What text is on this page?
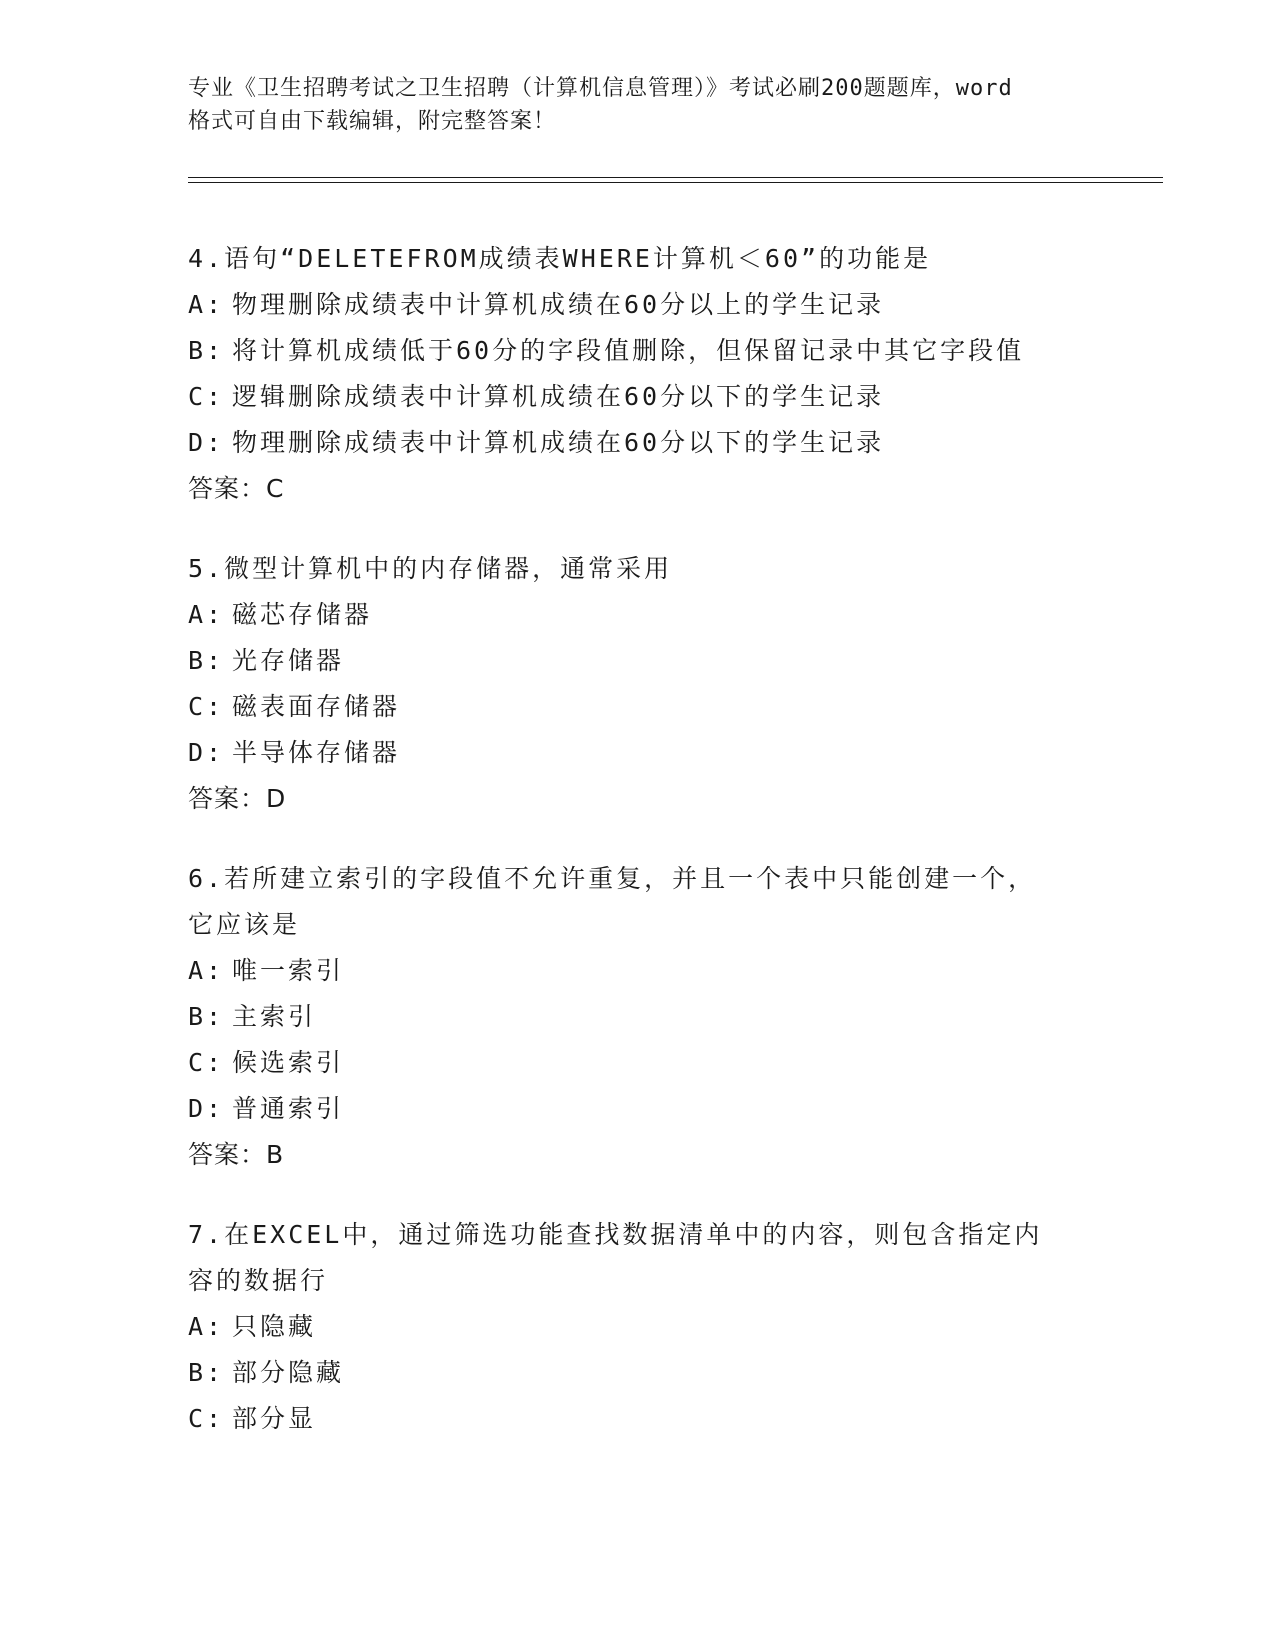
专业《卫生招聘考试之卫生招聘（计算机信息管理）》考试必刷200题题库，word
格式可自由下载编辑，附完整答案！
4.语句“DELETEFROM成绩表WHERE计算机＜60”的功能是
A: 物理删除成绩表中计算机成绩在60分以上的学生记录
B: 将计算机成绩低于60分的字段值删除，但保留记录中其它字段值
C: 逻辑删除成绩表中计算机成绩在60分以下的学生记录
D: 物理删除成绩表中计算机成绩在60分以下的学生记录
答案：C
5.微型计算机中的内存储器，通常采用
A: 磁芯存储器
B: 光存储器
C: 磁表面存储器
D: 半导体存储器
答案：D
6.若所建立索引的字段值不允许重复，并且一个表中只能创建一个，
它应该是
A: 唯一索引
B: 主索引
C: 候选索引
D: 普通索引
答案：B
7.在EXCEL中，通过筛选功能查找数据清单中的内容，则包含指定内
容的数据行
A: 只隐藏
B: 部分隐藏
C: 部分显
